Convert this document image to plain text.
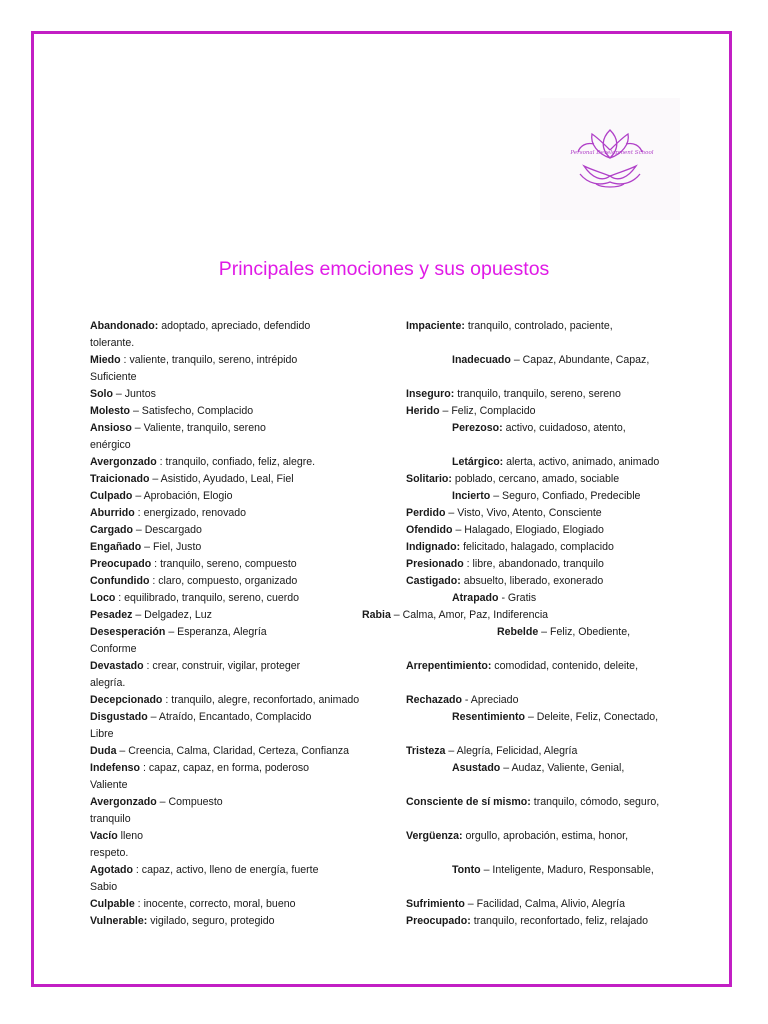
Personal Development School
Principales emociones y sus opuestos
Abandonado: adoptado, apreciado, defendido
tolerante.
Miedo : valiente, tranquilo, sereno, intrépido
Suficiente
Solo – Juntos
Molesto – Satisfecho, Complacido
Ansioso – Valiente, tranquilo, sereno
enérgico
Avergonzado : tranquilo, confiado, feliz, alegre.
Traicionado – Asistido, Ayudado, Leal, Fiel
Culpado – Aprobación, Elogio
Aburrido : energizado, renovado
Cargado – Descargado
Engañado – Fiel, Justo
Preocupado : tranquilo, sereno, compuesto
Confundido : claro, compuesto, organizado
Loco : equilibrado, tranquilo, sereno, cuerdo
Pesadez – Delgadez, Luz
Desesperación – Esperanza, Alegría
Conforme
Devastado : crear, construir, vigilar, proteger
alegría.
Decepcionado : tranquilo, alegre, reconfortado, animado
Disgustado – Atraído, Encantado, Complacido
Libre
Duda – Creencia, Calma, Claridad, Certeza, Confianza
Indefenso : capaz, capaz, en forma, poderoso
Valiente
Avergonzado – Compuesto
tranquilo
Vacío lleno
respeto.
Agotado : capaz, activo, lleno de energía, fuerte
Sabio
Culpable : inocente, correcto, moral, bueno
Vulnerable: vigilado, seguro, protegido
Impaciente: tranquilo, controlado, paciente,
Inadecuado – Capaz, Abundante, Capaz,
Inseguro: tranquilo, tranquilo, sereno, sereno
Herido – Feliz, Complacido
Perezoso: activo, cuidadoso, atento,
Letárgico: alerta, activo, animado, animado
Solitario: poblado, cercano, amado, sociable
Incierto – Seguro, Confiado, Predecible
Perdido – Visto, Vivo, Atento, Consciente
Ofendido – Halagado, Elogiado, Elogiado
Indignado: felicitado, halagado, complacido
Presionado : libre, abandonado, tranquilo
Castigado: absuelto, liberado, exonerado
Atrapado - Gratis
Rabia – Calma, Amor, Paz, Indiferencia
Rebelde – Feliz, Obediente,
Arrepentimiento: comodidad, contenido, deleite,
Rechazado - Apreciado
Resentimiento – Deleite, Feliz, Conectado,
Tristeza – Alegría, Felicidad, Alegría
Asustado – Audaz, Valiente, Genial,
Consciente de sí mismo: tranquilo, cómodo, seguro,
Vergüenza: orgullo, aprobación, estima, honor,
Tonto – Inteligente, Maduro, Responsable,
Sufrimiento – Facilidad, Calma, Alivio, Alegría
Preocupado: tranquilo, reconfortado, feliz, relajado
